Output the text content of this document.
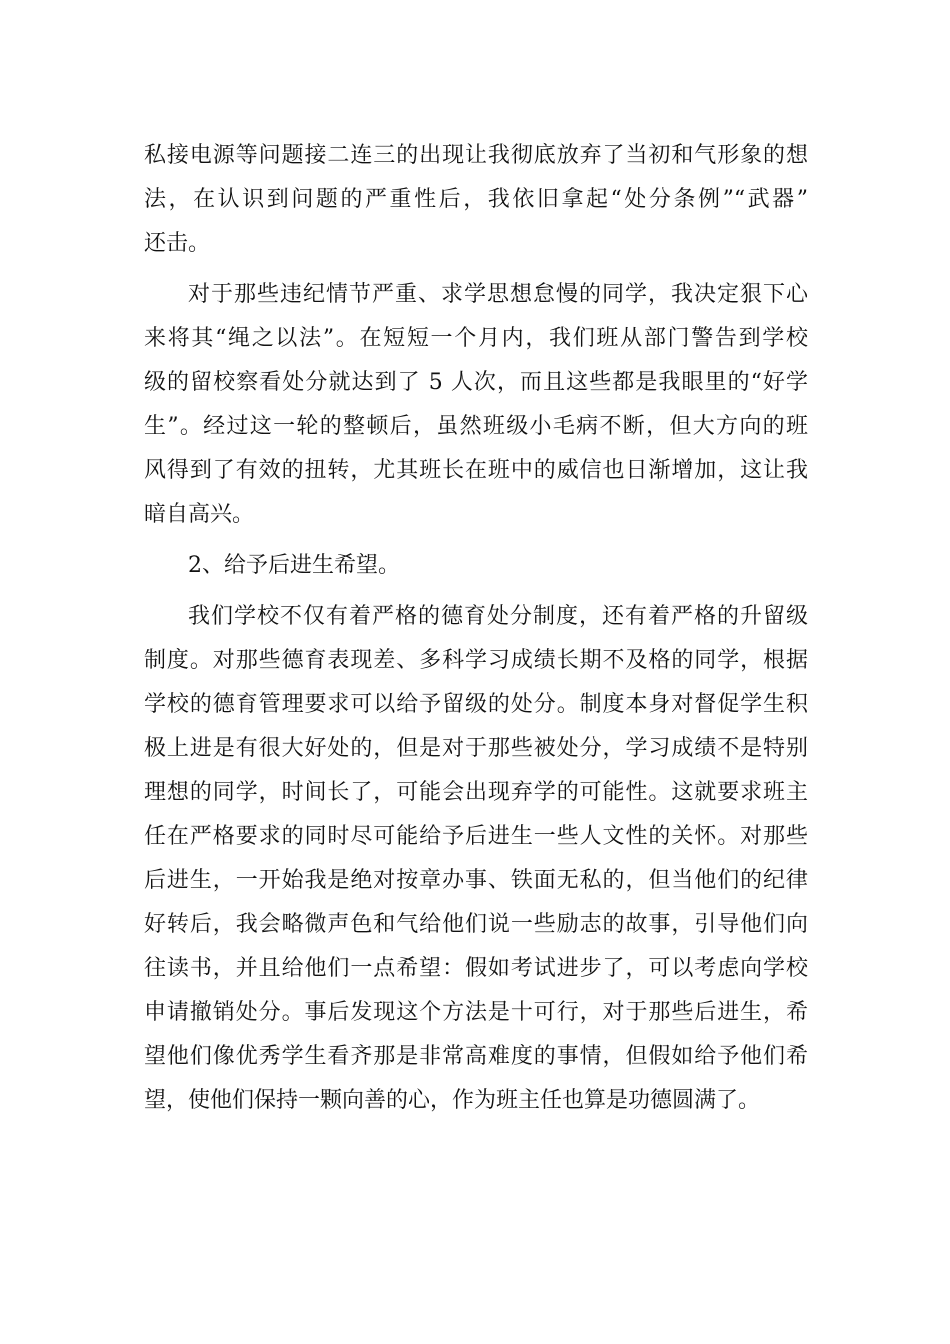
私接电源等问题接二连三的出现让我彻底放弃了当初和气形象的想
法，在认识到问题的严重性后，我依旧拿起“处分条例”“武器”
还击。
对于那些违纪情节严重、求学思想怠慢的同学，我决定狠下心
来将其“绳之以法”。在短短一个月内，我们班从部门警告到学校
级的留校察看处分就达到了 5 人次，而且这些都是我眼里的“好学
生”。经过这一轮的整顿后，虽然班级小毛病不断，但大方向的班
风得到了有效的扭转，尤其班长在班中的威信也日渐增加，这让我
暗自高兴。
2、给予后进生希望。
我们学校不仅有着严格的德育处分制度，还有着严格的升留级
制度。对那些德育表现差、多科学习成绩长期不及格的同学，根据
学校的德育管理要求可以给予留级的处分。制度本身对督促学生积
极上进是有很大好处的，但是对于那些被处分，学习成绩不是特别
理想的同学，时间长了，可能会出现弃学的可能性。这就要求班主
任在严格要求的同时尽可能给予后进生一些人文性的关怀。对那些
后进生，一开始我是绝对按章办事、铁面无私的，但当他们的纪律
好转后，我会略微声色和气给他们说一些励志的故事，引导他们向
往读书，并且给他们一点希望：假如考试进步了，可以考虑向学校
申请撤销处分。事后发现这个方法是十可行，对于那些后进生，希
望他们像优秀学生看齐那是非常高难度的事情，但假如给予他们希
望，使他们保持一颗向善的心，作为班主任也算是功德圆满了。
